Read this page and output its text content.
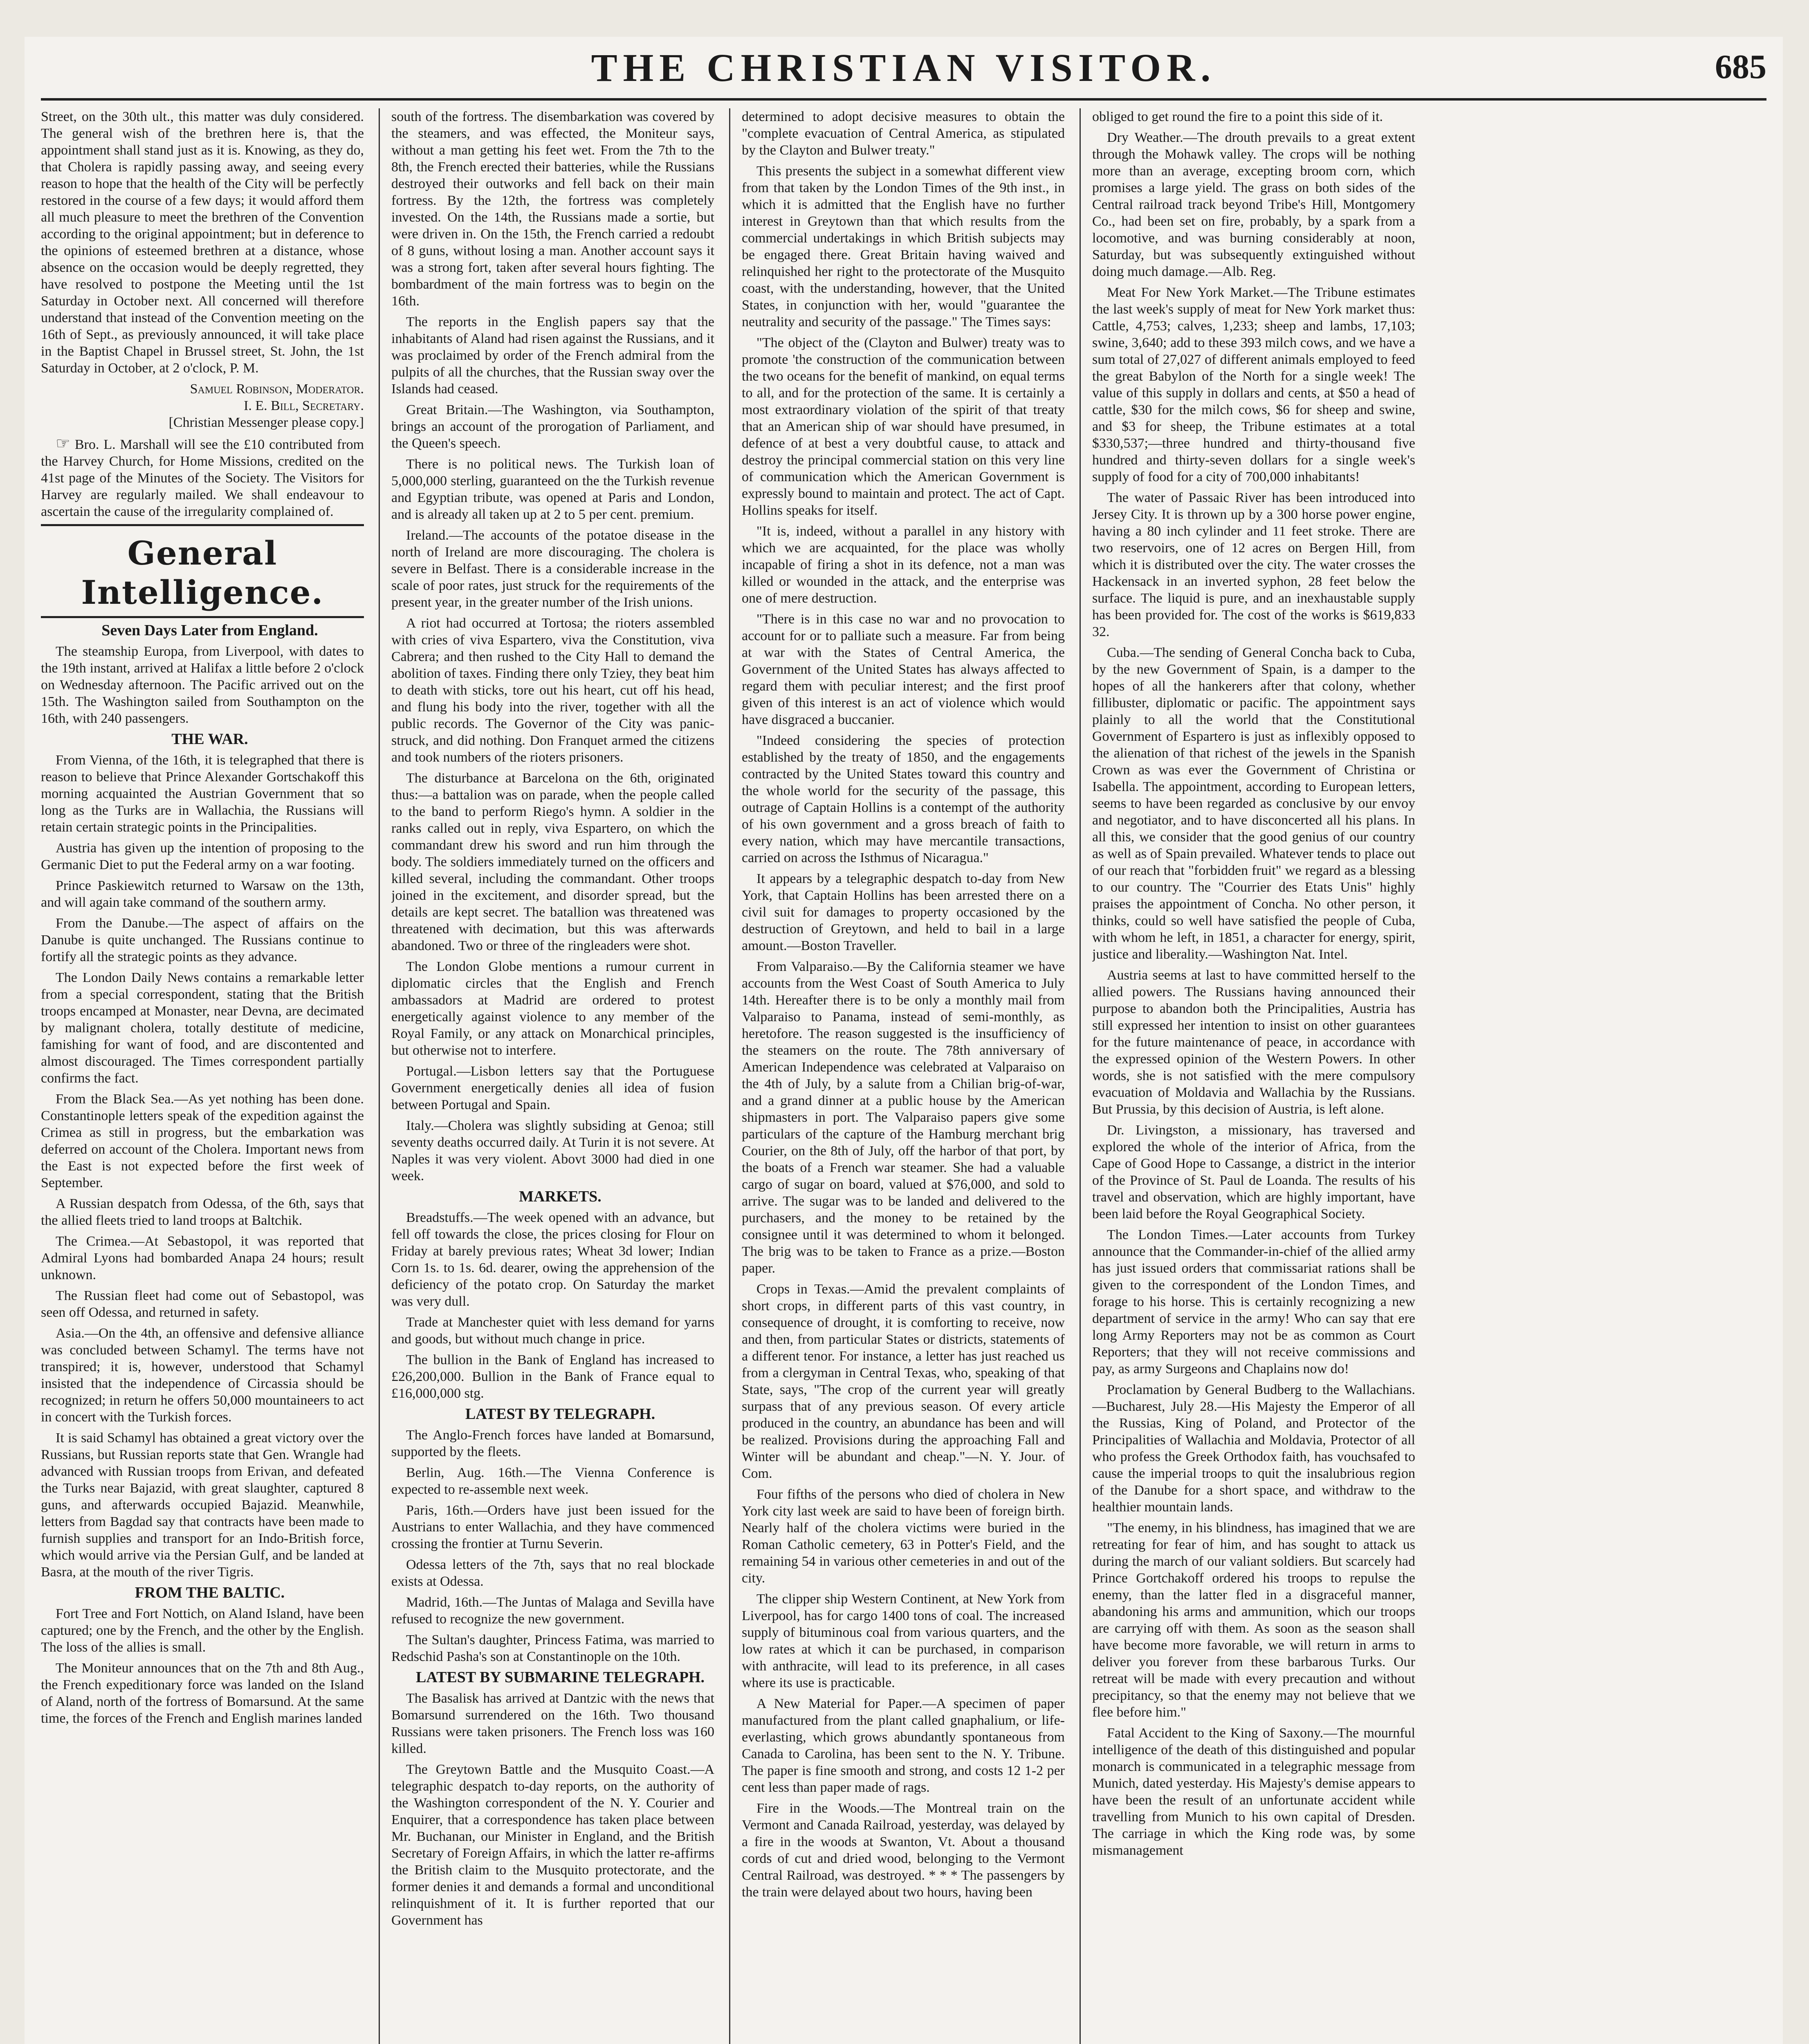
THE CHRISTIAN VISITOR.	685

Street, on the 30th ult., this matter was duly considered. The general wish of the brethren here is, that the appointment shall stand just as it is. Knowing, as they do, that Cholera is rapidly passing away, and seeing every reason to hope that the health of the City will be perfectly restored in the course of a few days; it would afford them all much pleasure to meet the brethren of the Convention according to the original appointment; but in deference to the opinions of esteemed brethren at a distance, whose absence on the occasion would be deeply regretted, they have resolved to postpone the Meeting until the 1st Saturday in October next. All concerned will therefore understand that instead of the Convention meeting on the 16th of Sept., as previously announced, it will take place in the Baptist Chapel in Brussel street, St. John, the 1st Saturday in October, at 2 o'clock, P. M.

Samuel Robinson, Moderator.
I. E. Bill, Secretary.
[Christian Messenger please copy.]

☞ Bro. L. Marshall will see the £10 contributed from the Harvey Church, for Home Missions, credited on the 41st page of the Minutes of the Society. The Visitors for Harvey are regularly mailed. We shall endeavour to ascertain the cause of the irregularity complained of.

General Intelligence.

Seven Days Later from England.

The steamship Europa, from Liverpool, with dates to the 19th instant, arrived at Halifax a little before 2 o'clock on Wednesday afternoon. The Pacific arrived out on the 15th. The Washington sailed from Southampton on the 16th, with 240 passengers.

THE WAR.

From Vienna, of the 16th, it is telegraphed that there is reason to believe that Prince Alexander Gortschakoff this morning acquainted the Austrian Government that so long as the Turks are in Wallachia, the Russians will retain certain strategic points in the Principalities.

Austria has given up the intention of proposing to the Germanic Diet to put the Federal army on a war footing.

Prince Paskiewitch returned to Warsaw on the 13th, and will again take command of the southern army.

From the Danube.—The aspect of affairs on the Danube is quite unchanged. The Russians continue to fortify all the strategic points as they advance.

The London Daily News contains a remarkable letter from a special correspondent, stating that the British troops encamped at Monaster, near Devna, are decimated by malignant cholera, totally destitute of medicine, famishing for want of food, and are discontented and almost discouraged. The Times correspondent partially confirms the fact.

From the Black Sea.—As yet nothing has been done. Constantinople letters speak of the expedition against the Crimea as still in progress, but the embarkation was deferred on account of the Cholera. Important news from the East is not expected before the first week of September.

A Russian despatch from Odessa, of the 6th, says that the allied fleets tried to land troops at Baltchik.

The Crimea.—At Sebastopol, it was reported that Admiral Lyons had bombarded Anapa 24 hours; result unknown.

The Russian fleet had come out of Sebastopol, was seen off Odessa, and returned in safety.

Asia.—On the 4th, an offensive and defensive alliance was concluded between Schamyl. The terms have not transpired; it is, however, understood that Schamyl insisted that the independence of Circassia should be recognized; in return he offers 50,000 mountaineers to act in concert with the Turkish forces.

It is said Schamyl has obtained a great victory over the Russians, but Russian reports state that Gen. Wrangle had advanced with Russian troops from Erivan, and defeated the Turks near Bajazid, with great slaughter, captured 8 guns, and afterwards occupied Bajazid. Meanwhile, letters from Bagdad say that contracts have been made to furnish supplies and transport for an Indo-British force, which would arrive via the Persian Gulf, and be landed at Basra, at the mouth of the river Tigris.

FROM THE BALTIC.

Fort Tree and Fort Nottich, on Aland Island, have been captured; one by the French, and the other by the English. The loss of the allies is small.

The Moniteur announces that on the 7th and 8th Aug., the French expeditionary force was landed on the Island of Aland, north of the fortress of Bomarsund. At the same time, the forces of the French and English marines landed

south of the fortress. The disembarkation was covered by the steamers, and was effected, the Moniteur says, without a man getting his feet wet. From the 7th to the 8th, the French erected their batteries, while the Russians destroyed their outworks and fell back on their main fortress. By the 12th, the fortress was completely invested. On the 14th, the Russians made a sortie, but were driven in. On the 15th, the French carried a redoubt of 8 guns, without losing a man. Another account says it was a strong fort, taken after several hours fighting. The bombardment of the main fortress was to begin on the 16th.

The reports in the English papers say that the inhabitants of Aland had risen against the Russians, and it was proclaimed by order of the French admiral from the pulpits of all the churches, that the Russian sway over the Islands had ceased.

Great Britain.—The Washington, via Southampton, brings an account of the prorogation of Parliament, and the Queen's speech.

There is no political news. The Turkish loan of 5,000,000 sterling, guaranteed on the the Turkish revenue and Egyptian tribute, was opened at Paris and London, and is already all taken up at 2 to 5 per cent. premium.

Ireland.—The accounts of the potatoe disease in the north of Ireland are more discouraging. The cholera is severe in Belfast. There is a considerable increase in the scale of poor rates, just struck for the requirements of the present year, in the greater number of the Irish unions.

A riot had occurred at Tortosa; the rioters assembled with cries of viva Espartero, viva the Constitution, viva Cabrera; and then rushed to the City Hall to demand the abolition of taxes. Finding there only Tziey, they beat him to death with sticks, tore out his heart, cut off his head, and flung his body into the river, together with all the public records. The Governor of the City was panic-struck, and did nothing. Don Franquet armed the citizens and took numbers of the rioters prisoners.

The disturbance at Barcelona on the 6th, originated thus:—a battalion was on parade, when the people called to the band to perform Riego's hymn. A soldier in the ranks called out in reply, viva Espartero, on which the commandant drew his sword and run him through the body. The soldiers immediately turned on the officers and killed several, including the commandant. Other troops joined in the excitement, and disorder spread, but the details are kept secret. The batallion was threatened was threatened with decimation, but this was afterwards abandoned. Two or three of the ringleaders were shot.

The London Globe mentions a rumour current in diplomatic circles that the English and French ambassadors at Madrid are ordered to protest energetically against violence to any member of the Royal Family, or any attack on Monarchical principles, but otherwise not to interfere.

Portugal.—Lisbon letters say that the Portuguese Government energetically denies all idea of fusion between Portugal and Spain.

Italy.—Cholera was slightly subsiding at Genoa; still seventy deaths occurred daily. At Turin it is not severe. At Naples it was very violent. Abovt 3000 had died in one week.

MARKETS.

Breadstuffs.—The week opened with an advance, but fell off towards the close, the prices closing for Flour on Friday at barely previous rates; Wheat 3d lower; Indian Corn 1s. to 1s. 6d. dearer, owing the apprehension of the deficiency of the potato crop. On Saturday the market was very dull.

Trade at Manchester quiet with less demand for yarns and goods, but without much change in price.

The bullion in the Bank of England has increased to £26,200,000. Bullion in the Bank of France equal to £16,000,000 stg.

LATEST BY TELEGRAPH.

The Anglo-French forces have landed at Bomarsund, supported by the fleets.

Berlin, Aug. 16th.—The Vienna Conference is expected to re-assemble next week.

Paris, 16th.—Orders have just been issued for the Austrians to enter Wallachia, and they have commenced crossing the frontier at Turnu Severin.

Odessa letters of the 7th, says that no real blockade exists at Odessa.

Madrid, 16th.—The Juntas of Malaga and Sevilla have refused to recognize the new government.

The Sultan's daughter, Princess Fatima, was married to Redschid Pasha's son at Constantinople on the 10th.

LATEST BY SUBMARINE TELEGRAPH.

The Basalisk has arrived at Dantzic with the news that Bomarsund surrendered on the 16th. Two thousand Russians were taken prisoners. The French loss was 160 killed.

The Greytown Battle and the Musquito Coast.—A telegraphic despatch to-day reports, on the authority of the Washington correspondent of the N. Y. Courier and Enquirer, that a correspondence has taken place between Mr. Buchanan, our Minister in England, and the British Secretary of Foreign Affairs, in which the latter re-affirms the British claim to the Musquito protectorate, and the former denies it and demands a formal and unconditional relinquishment of it. It is further reported that our Government has

determined to adopt decisive measures to obtain the "complete evacuation of Central America, as stipulated by the Clayton and Bulwer treaty."

This presents the subject in a somewhat different view from that taken by the London Times of the 9th inst., in which it is admitted that the English have no further interest in Greytown than that which results from the commercial undertakings in which British subjects may be engaged there. Great Britain having waived and relinquished her right to the protectorate of the Musquito coast, with the understanding, however, that the United States, in conjunction with her, would "guarantee the neutrality and security of the passage." The Times says:

"The object of the (Clayton and Bulwer) treaty was to promote 'the construction of the communication between the two oceans for the benefit of mankind, on equal terms to all, and for the protection of the same. It is certainly a most extraordinary violation of the spirit of that treaty that an American ship of war should have presumed, in defence of at best a very doubtful cause, to attack and destroy the principal commercial station on this very line of communication which the American Government is expressly bound to maintain and protect. The act of Capt. Hollins speaks for itself.

"It is, indeed, without a parallel in any history with which we are acquainted, for the place was wholly incapable of firing a shot in its defence, not a man was killed or wounded in the attack, and the enterprise was one of mere destruction.

"There is in this case no war and no provocation to account for or to palliate such a measure. Far from being at war with the States of Central America, the Government of the United States has always affected to regard them with peculiar interest; and the first proof given of this interest is an act of violence which would have disgraced a buccanier.

"Indeed considering the species of protection established by the treaty of 1850, and the engagements contracted by the United States toward this country and the whole world for the security of the passage, this outrage of Captain Hollins is a contempt of the authority of his own government and a gross breach of faith to every nation, which may have mercantile transactions, carried on across the Isthmus of Nicaragua."

It appears by a telegraphic despatch to-day from New York, that Captain Hollins has been arrested there on a civil suit for damages to property occasioned by the destruction of Greytown, and held to bail in a large amount.—Boston Traveller.

From Valparaiso.—By the California steamer we have accounts from the West Coast of South America to July 14th. Hereafter there is to be only a monthly mail from Valparaiso to Panama, instead of semi-monthly, as heretofore. The reason suggested is the insufficiency of the steamers on the route. The 78th anniversary of American Independence was celebrated at Valparaiso on the 4th of July, by a salute from a Chilian brig-of-war, and a grand dinner at a public house by the American shipmasters in port. The Valparaiso papers give some particulars of the capture of the Hamburg merchant brig Courier, on the 8th of July, off the harbor of that port, by the boats of a French war steamer. She had a valuable cargo of sugar on board, valued at $76,000, and sold to arrive. The sugar was to be landed and delivered to the purchasers, and the money to be retained by the consignee until it was determined to whom it belonged. The brig was to be taken to France as a prize.—Boston paper.

Crops in Texas.—Amid the prevalent complaints of short crops, in different parts of this vast country, in consequence of drought, it is comforting to receive, now and then, from particular States or districts, statements of a different tenor. For instance, a letter has just reached us from a clergyman in Central Texas, who, speaking of that State, says, "The crop of the current year will greatly surpass that of any previous season. Of every article produced in the country, an abundance has been and will be realized. Provisions during the approaching Fall and Winter will be abundant and cheap."—N. Y. Jour. of Com.

Four fifths of the persons who died of cholera in New York city last week are said to have been of foreign birth. Nearly half of the cholera victims were buried in the Roman Catholic cemetery, 63 in Potter's Field, and the remaining 54 in various other cemeteries in and out of the city.

The clipper ship Western Continent, at New York from Liverpool, has for cargo 1400 tons of coal. The increased supply of bituminous coal from various quarters, and the low rates at which it can be purchased, in comparison with anthracite, will lead to its preference, in all cases where its use is practicable.

A New Material for Paper.—A specimen of paper manufactured from the plant called gnaphalium, or life-everlasting, which grows abundantly spontaneous from Canada to Carolina, has been sent to the N. Y. Tribune. The paper is fine smooth and strong, and costs 12 1-2 per cent less than paper made of rags.

Fire in the Woods.—The Montreal train on the Vermont and Canada Railroad, yesterday, was delayed by a fire in the woods at Swanton, Vt. About a thousand cords of cut and dried wood, belonging to the Vermont Central Railroad, was destroyed. * * * The passengers by the train were delayed about two hours, having been

obliged to get round the fire to a point this side of it.

Dry Weather.—The drouth prevails to a great extent through the Mohawk valley. The crops will be nothing more than an average, excepting broom corn, which promises a large yield. The grass on both sides of the Central railroad track beyond Tribe's Hill, Montgomery Co., had been set on fire, probably, by a spark from a locomotive, and was burning considerably at noon, Saturday, but was subsequently extinguished without doing much damage.—Alb. Reg.

Meat For New York Market.—The Tribune estimates the last week's supply of meat for New York market thus: Cattle, 4,753; calves, 1,233; sheep and lambs, 17,103; swine, 3,640; add to these 393 milch cows, and we have a sum total of 27,027 of different animals employed to feed the great Babylon of the North for a single week! The value of this supply in dollars and cents, at $50 a head of cattle, $30 for the milch cows, $6 for sheep and swine, and $3 for sheep, the Tribune estimates at a total $330,537;—three hundred and thirty-thousand five hundred and thirty-seven dollars for a single week's supply of food for a city of 700,000 inhabitants!

The water of Passaic River has been introduced into Jersey City. It is thrown up by a 300 horse power engine, having a 80 inch cylinder and 11 feet stroke. There are two reservoirs, one of 12 acres on Bergen Hill, from which it is distributed over the city. The water crosses the Hackensack in an inverted syphon, 28 feet below the surface. The liquid is pure, and an inexhaustable supply has been provided for. The cost of the works is $619,833 32.

Cuba.—The sending of General Concha back to Cuba, by the new Government of Spain, is a damper to the hopes of all the hankerers after that colony, whether fillibuster, diplomatic or pacific. The appointment says plainly to all the world that the Constitutional Government of Espartero is just as inflexibly opposed to the alienation of that richest of the jewels in the Spanish Crown as was ever the Government of Christina or Isabella. The appointment, according to European letters, seems to have been regarded as conclusive by our envoy and negotiator, and to have disconcerted all his plans. In all this, we consider that the good genius of our country as well as of Spain prevailed. Whatever tends to place out of our reach that "forbidden fruit" we regard as a blessing to our country. The "Courrier des Etats Unis" highly praises the appointment of Concha. No other person, it thinks, could so well have satisfied the people of Cuba, with whom he left, in 1851, a character for energy, spirit, justice and liberality.—Washington Nat. Intel.

Austria seems at last to have committed herself to the allied powers. The Russians having announced their purpose to abandon both the Principalities, Austria has still expressed her intention to insist on other guarantees for the future maintenance of peace, in accordance with the expressed opinion of the Western Powers. In other words, she is not satisfied with the mere compulsory evacuation of Moldavia and Wallachia by the Russians. But Prussia, by this decision of Austria, is left alone.

Dr. Livingston, a missionary, has traversed and explored the whole of the interior of Africa, from the Cape of Good Hope to Cassange, a district in the interior of the Province of St. Paul de Loanda. The results of his travel and observation, which are highly important, have been laid before the Royal Geographical Society.

The London Times.—Later accounts from Turkey announce that the Commander-in-chief of the allied army has just issued orders that commissariat rations shall be given to the correspondent of the London Times, and forage to his horse. This is certainly recognizing a new department of service in the army! Who can say that ere long Army Reporters may not be as common as Court Reporters; that they will not receive commissions and pay, as army Surgeons and Chaplains now do!

Proclamation by General Budberg to the Wallachians.—Bucharest, July 28.—His Majesty the Emperor of all the Russias, King of Poland, and Protector of the Principalities of Wallachia and Moldavia, Protector of all who profess the Greek Orthodox faith, has vouchsafed to cause the imperial troops to quit the insalubrious region of the Danube for a short space, and withdraw to the healthier mountain lands.

"The enemy, in his blindness, has imagined that we are retreating for fear of him, and has sought to attack us during the march of our valiant soldiers. But scarcely had Prince Gortchakoff ordered his troops to repulse the enemy, than the latter fled in a disgraceful manner, abandoning his arms and ammunition, which our troops are carrying off with them. As soon as the season shall have become more favorable, we will return in arms to deliver you forever from these barbarous Turks. Our retreat will be made with every precaution and without precipitancy, so that the enemy may not believe that we flee before him."

Fatal Accident to the King of Saxony.—The mournful intelligence of the death of this distinguished and popular monarch is communicated in a telegraphic message from Munich, dated yesterday. His Majesty's demise appears to have been the result of an unfortunate accident while travelling from Munich to his own capital of Dresden. The carriage in which the King rode was, by some mismanagement
